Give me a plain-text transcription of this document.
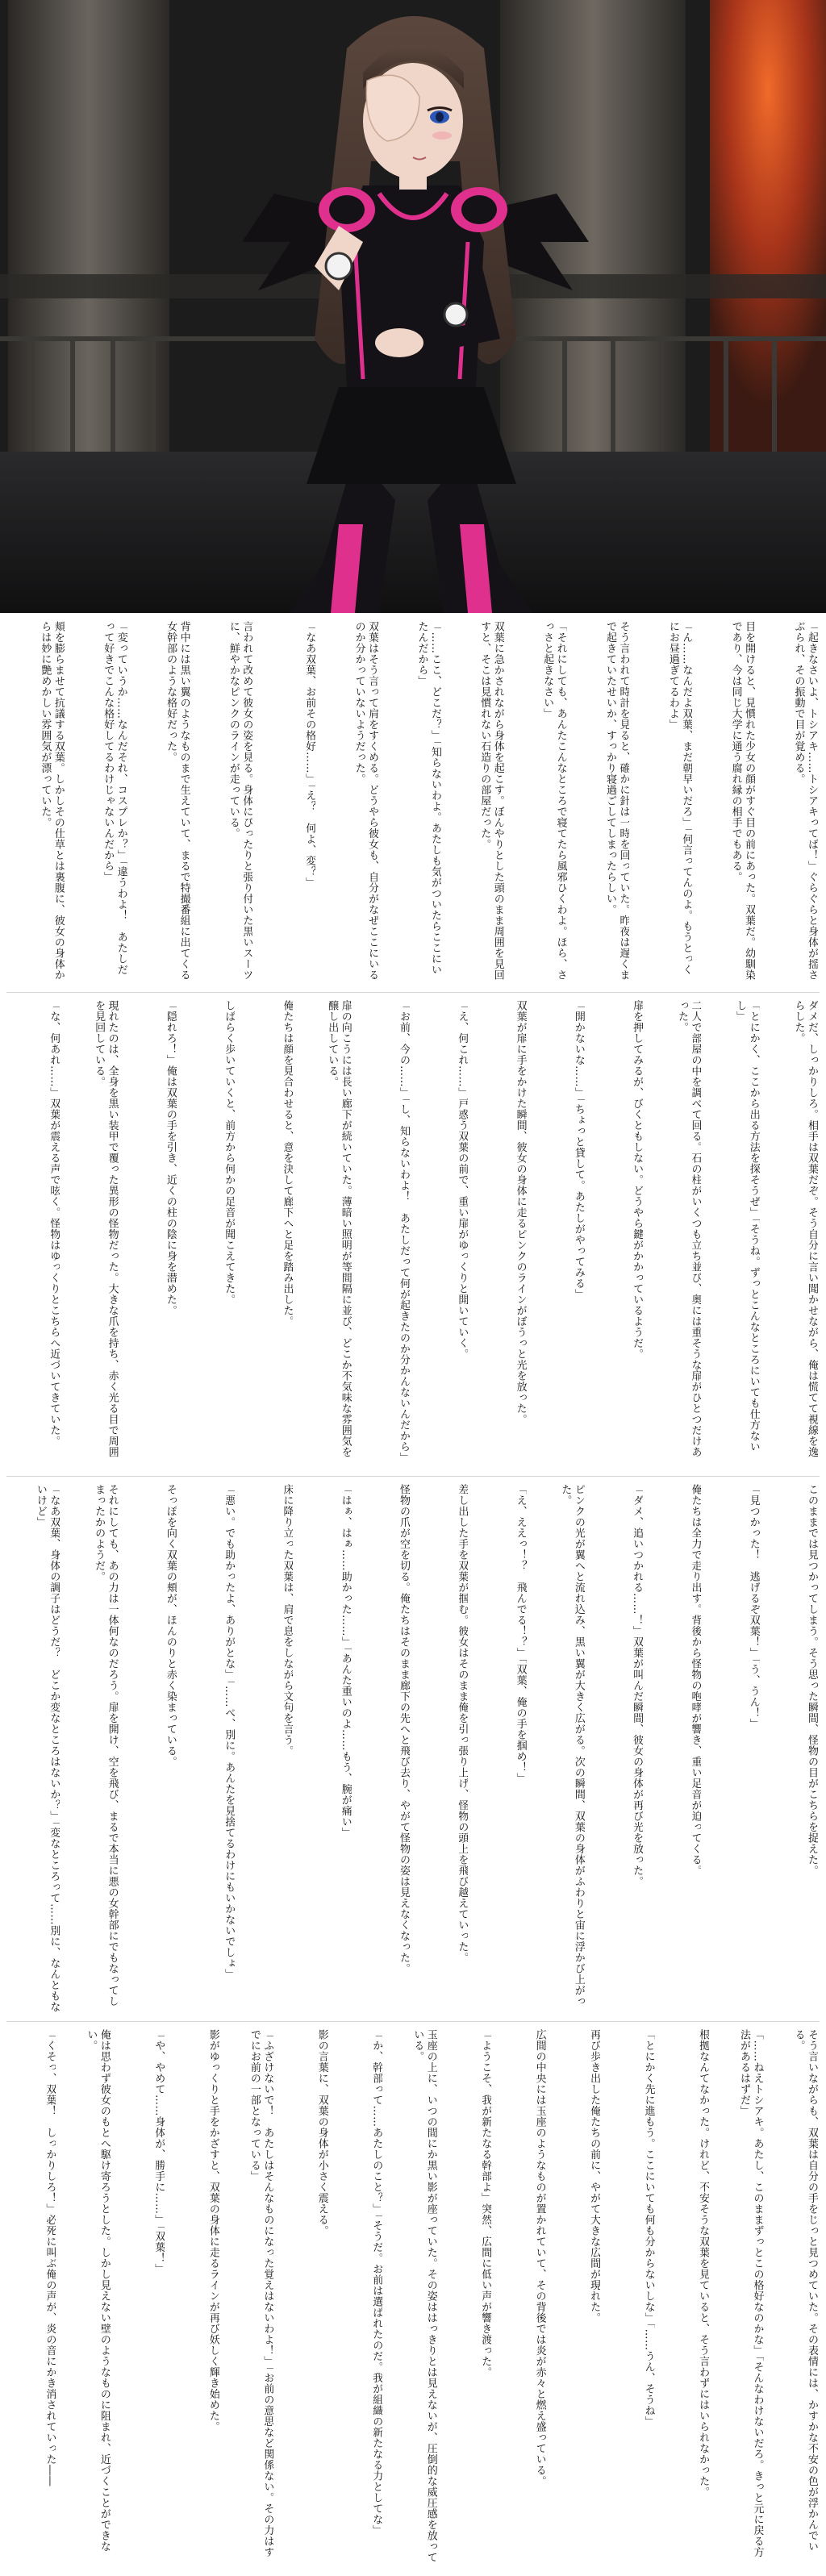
「起きなさいよ、トシアキ……トシアキってば！」ぐらぐらと身体が揺さぶられ、その振動で目が覚める。
目を開けると、見慣れた少女の顔がすぐ目の前にあった。双葉だ。幼馴染であり、今は同じ大学に通う腐れ縁の相手でもある。
「ん……なんだよ双葉、まだ朝早いだろ」「何言ってんのよ。もうとっくにお昼過ぎてるわよ」
そう言われて時計を見ると、確かに針は一時を回っていた。昨夜は遅くまで起きていたせいか、すっかり寝過ごしてしまったらしい。
「それにしても、あんたこんなところで寝てたら風邪ひくわよ。ほら、さっさと起きなさい」
双葉に急かされながら身体を起こす。ぼんやりとした頭のまま周囲を見回すと、そこは見慣れない石造りの部屋だった。
「……ここ、どこだ？」「知らないわよ。あたしも気がついたらここにいたんだから」
双葉はそう言って肩をすくめる。どうやら彼女も、自分がなぜここにいるのか分かっていないようだった。
「なあ双葉、お前その格好……」「え？　何よ、変？」
言われて改めて彼女の姿を見る。身体にぴったりと張り付いた黒いスーツに、鮮やかなピンクのラインが走っている。
背中には黒い翼のようなものまで生えていて、まるで特撮番組に出てくる女幹部のような格好だった。
「変っていうか……なんだそれ、コスプレか？」「違うわよ！　あたしだって好きでこんな格好してるわけじゃないんだから」
頬を膨らませて抗議する双葉。しかしその仕草とは裏腹に、彼女の身体からは妙に艶めかしい雰囲気が漂っていた。
ダメだ、しっかりしろ。相手は双葉だぞ。そう自分に言い聞かせながら、俺は慌てて視線を逸らした。
「とにかく、ここから出る方法を探そうぜ」「そうね。ずっとこんなところにいても仕方ないし」
二人で部屋の中を調べて回る。石の柱がいくつも立ち並び、奥には重そうな扉がひとつだけあった。
扉を押してみるが、びくともしない。どうやら鍵がかかっているようだ。
「開かないな……」「ちょっと貸して。あたしがやってみる」
双葉が扉に手をかけた瞬間、彼女の身体に走るピンクのラインがぼうっと光を放った。
「え、何これ……」戸惑う双葉の前で、重い扉がゆっくりと開いていく。
「お前、今の……」「し、知らないわよ！　あたしだって何が起きたのか分かんないんだから」
扉の向こうには長い廊下が続いていた。薄暗い照明が等間隔に並び、どこか不気味な雰囲気を醸し出している。
俺たちは顔を見合わせると、意を決して廊下へと足を踏み出した。
しばらく歩いていくと、前方から何かの足音が聞こえてきた。
「隠れろ！」俺は双葉の手を引き、近くの柱の陰に身を潜めた。
現れたのは、全身を黒い装甲で覆った異形の怪物だった。大きな爪を持ち、赤く光る目で周囲を見回している。
「な、何あれ……」双葉が震える声で呟く。怪物はゆっくりとこちらへ近づいてきていた。
このままでは見つかってしまう。そう思った瞬間、怪物の目がこちらを捉えた。
「見つかった！　逃げるぞ双葉！」「う、うん！」
俺たちは全力で走り出す。背後から怪物の咆哮が響き、重い足音が迫ってくる。
「ダメ、追いつかれる……！」双葉が叫んだ瞬間、彼女の身体が再び光を放った。
ピンクの光が翼へと流れ込み、黒い翼が大きく広がる。次の瞬間、双葉の身体がふわりと宙に浮かび上がった。
「え、ええっ！？　飛んでる！？」「双葉、俺の手を掴め！」
差し出した手を双葉が掴む。彼女はそのまま俺を引っ張り上げ、怪物の頭上を飛び越えていった。
怪物の爪が空を切る。俺たちはそのまま廊下の先へと飛び去り、やがて怪物の姿は見えなくなった。
「はぁ、はぁ……助かった……」「あんた重いのよ……もう、腕が痛い」
床に降り立った双葉は、肩で息をしながら文句を言う。
「悪い。でも助かったよ、ありがとな」「……べ、別に。あんたを見捨てるわけにもいかないでしょ」
そっぽを向く双葉の頬が、ほんのりと赤く染まっている。
それにしても、あの力は一体何なのだろう。扉を開け、空を飛び、まるで本当に悪の女幹部にでもなってしまったかのようだ。
「なあ双葉、身体の調子はどうだ？　どこか変なところはないか？」「変なところって……別に、なんともないけど」
そう言いながらも、双葉は自分の手をじっと見つめていた。その表情には、かすかな不安の色が浮かんでいる。
「……ねえトシアキ。あたし、このままずっとこの格好なのかな」「そんなわけないだろ。きっと元に戻る方法があるはずだ」
根拠なんてなかった。けれど、不安そうな双葉を見ていると、そう言わずにはいられなかった。
「とにかく先に進もう。ここにいても何も分からないしな」「……うん、そうね」
再び歩き出した俺たちの前に、やがて大きな広間が現れた。
広間の中央には玉座のようなものが置かれていて、その背後では炎が赤々と燃え盛っている。
「ようこそ、我が新たなる幹部よ」突然、広間に低い声が響き渡った。
玉座の上に、いつの間にか黒い影が座っていた。その姿ははっきりとは見えないが、圧倒的な威圧感を放っている。
「か、幹部って……あたしのこと？」「そうだ。お前は選ばれたのだ。我が組織の新たなる力としてな」
影の言葉に、双葉の身体が小さく震える。
「ふざけないで！　あたしはそんなものになった覚えはないわよ！」「お前の意思など関係ない。その力はすでにお前の一部となっている」
影がゆっくりと手をかざすと、双葉の身体に走るラインが再び妖しく輝き始めた。
「や、やめて……身体が、勝手に……」「双葉！」
俺は思わず彼女のもとへ駆け寄ろうとした。しかし見えない壁のようなものに阻まれ、近づくことができない。
「くそっ、双葉！　しっかりしろ！」必死に叫ぶ俺の声が、炎の音にかき消されていった――
